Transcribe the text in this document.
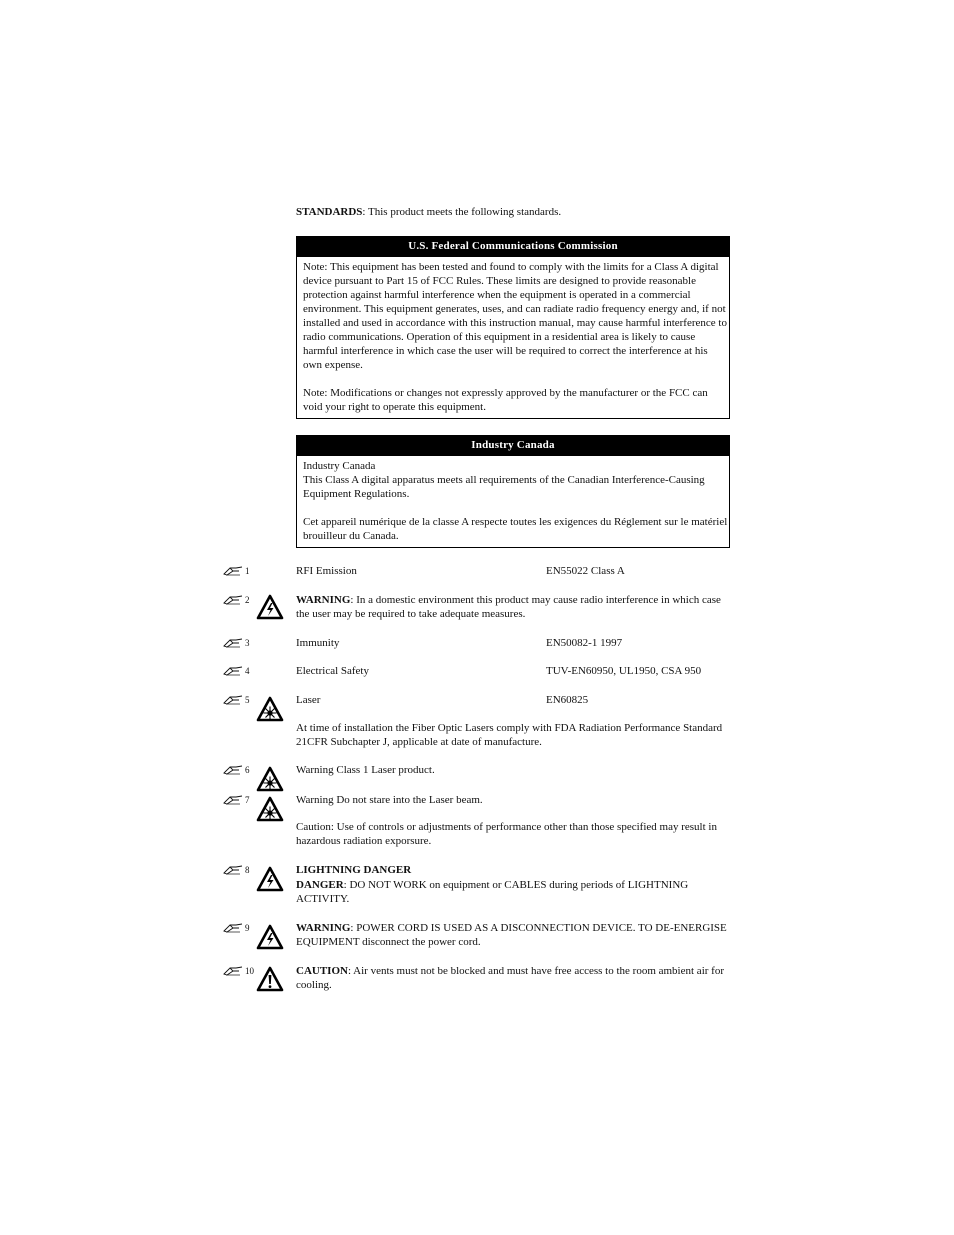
STANDARDS: This product meets the following standards.
U.S. Federal Communications Commission

Note: This equipment has been tested and found to comply with the limits for a Class A digital device pursuant to Part 15 of FCC Rules. These limits are designed to provide reasonable protection against harmful interference when the equipment is operated in a commercial environment. This equipment generates, uses, and can radiate radio frequency energy and, if not installed and used in accordance with this instruction manual, may cause harmful interference to radio communications. Operation of this equipment in a residential area is likely to cause harmful interference in which case the user will be required to correct the interference at his own expense.

Note: Modifications or changes not expressly approved by the manufacturer or the FCC can void your right to operate this equipment.

Industry Canada
Industry Canada
This Class A digital apparatus meets all requirements of the Canadian Interference-Causing Equipment Regulations.
Cet appareil numérique de la classe A respecte toutes les exigences du Réglement sur le matériel brouilleur du Canada.
1	RFI Emission	EN55022 Class A
2	WARNING: In a domestic environment this product may cause radio interference in which case the user may be required to take adequate measures.
3	Immunity	EN50082-1 1997
4	Electrical Safety	TUV-EN60950, UL1950, CSA 950
5	Laser	EN60825
At time of installation the Fiber Optic Lasers comply with FDA Radiation Performance Standard 21CFR Subchapter J, applicable at date of manufacture.
6	Warning Class 1 Laser product.
7	Warning Do not stare into the Laser beam.
Caution: Use of controls or adjustments of performance other than those specified may result in hazardous radiation exporsure.
8	LIGHTNING DANGER
DANGER: DO NOT WORK on equipment or CABLES during periods of LIGHTNING ACTIVITY.
9	WARNING: POWER CORD IS USED AS A DISCONNECTION DEVICE. TO DE-ENERGISE EQUIPMENT disconnect the power cord.
10	CAUTION: Air vents must not be blocked and must have free access to the room ambient air for cooling.
